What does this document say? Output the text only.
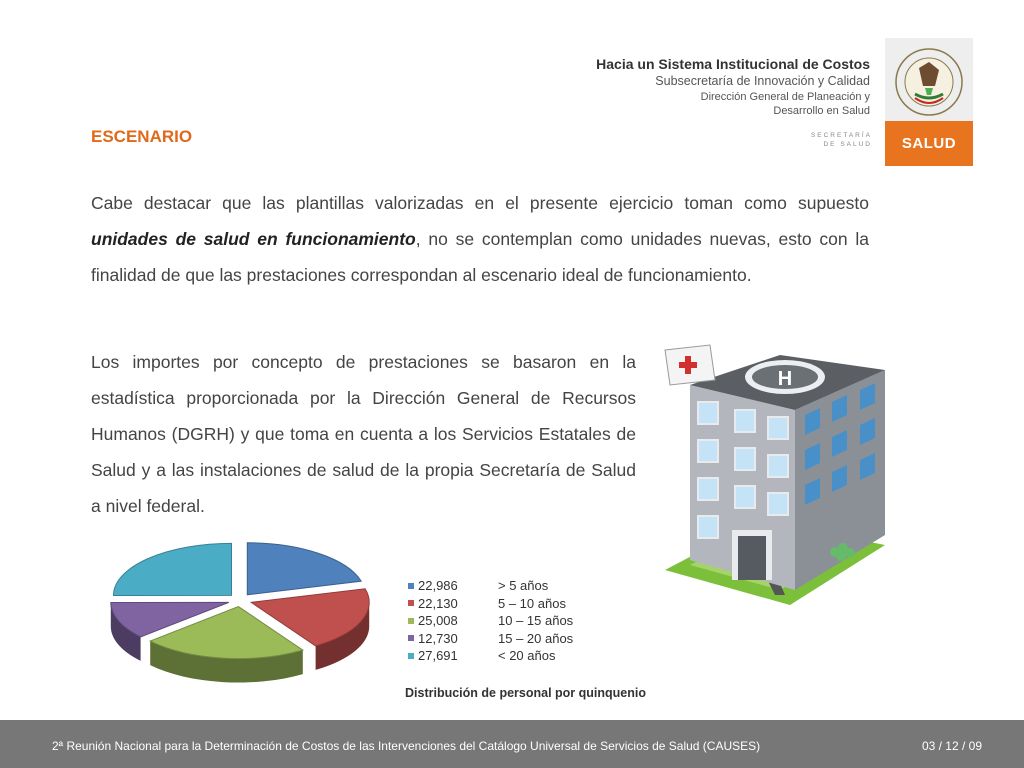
Hacia un Sistema Institucional de Costos
Subsecretaría de Innovación y Calidad
Dirección General de Planeación y
Desarrollo en Salud
SECRETARÍA
DE SALUD	SALUD
ESCENARIO

Cabe destacar que las plantillas valorizadas en el presente ejercicio toman como supuesto unidades de salud en funcionamiento, no se contemplan como unidades nuevas, esto con la finalidad de que las prestaciones correspondan al escenario ideal de funcionamiento.

Los importes por concepto de prestaciones se basaron en la estadística proporcionada por la Dirección General de Recursos Humanos (DGRH) y que toma en cuenta a los Servicios Estatales de Salud y a las instalaciones de salud de la propia Secretaría de Salud a nivel federal.

H
22,986	> 5 años
22,130	5 – 10 años
25,008	10 – 15 años
12,730	15 – 20 años
27,691	< 20 años
Distribución de personal por quinquenio
2ª Reunión Nacional para la Determinación de Costos de las Intervenciones del Catálogo Universal de Servicios de Salud (CAUSES)	03 / 12 / 09
